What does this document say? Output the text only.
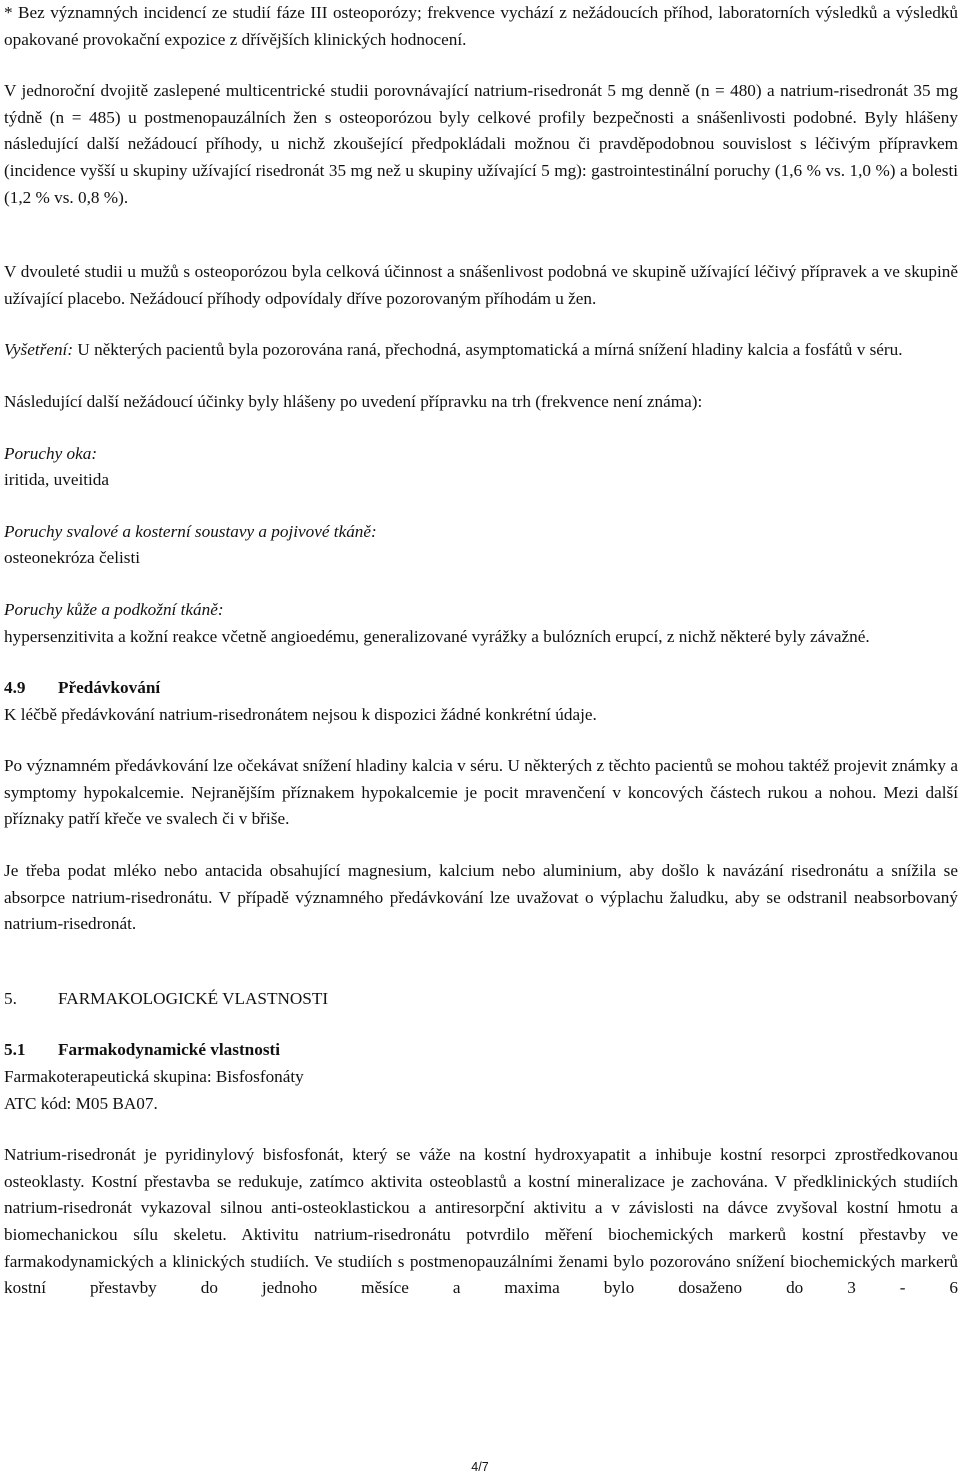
* Bez významných incidencí ze studií fáze III osteoporózy; frekvence vychází z nežádoucích příhod, laboratorních výsledků a výsledků opakované provokační expozice z dřívějších klinických hodnocení.

V jednoroční dvojitě zaslepené multicentrické studii porovnávající natrium-risedronát 5 mg denně (n = 480) a natrium-risedronát 35 mg týdně (n = 485) u postmenopauzálních žen s osteoporózou byly celkové profily bezpečnosti a snášenlivosti podobné. Byly hlášeny následující další nežádoucí příhody, u nichž zkoušející předpokládali možnou či pravděpodobnou souvislost s léčivým přípravkem (incidence vyšší u skupiny užívající risedronát 35 mg než u skupiny užívající 5 mg): gastrointestinální poruchy (1,6 % vs. 1,0 %) a bolesti (1,2 % vs. 0,8 %).

V dvouleté studii u mužů s osteoporózou byla celková účinnost a snášenlivost podobná ve skupině užívající léčivý přípravek a ve skupině užívající placebo. Nežádoucí příhody odpovídaly dříve pozorovaným příhodám u žen.

Vyšetření: U některých pacientů byla pozorována raná, přechodná, asymptomatická a mírná snížení hladiny kalcia a fosfátů v séru.

Následující další nežádoucí účinky byly hlášeny po uvedení přípravku na trh (frekvence není známa):

Poruchy oka:

iritida, uveitida

Poruchy svalové a kosterní soustavy a pojivové tkáně:

osteonekróza čelisti

Poruchy kůže a podkožní tkáně:

hypersenzitivita a kožní reakce včetně angioedému, generalizované vyrážky a bulózních erupcí, z nichž některé byly závažné.

4.9 Předávkování

K léčbě předávkování natrium-risedronátem nejsou k dispozici žádné konkrétní údaje.

Po významném předávkování lze očekávat snížení hladiny kalcia v séru. U některých z těchto pacientů se mohou taktéž projevit známky a symptomy hypokalcemie. Nejranějším příznakem hypokalcemie je pocit mravenčení v koncových částech rukou a nohou. Mezi další příznaky patří křeče ve svalech či v břiše.

Je třeba podat mléko nebo antacida obsahující magnesium, kalcium nebo aluminium, aby došlo k navázání risedronátu a snížila se absorpce natrium-risedronátu. V případě významného předávkování lze uvažovat o výplachu žaludku, aby se odstranil neabsorbovaný natrium-risedronát.

5. FARMAKOLOGICKÉ VLASTNOSTI

5.1 Farmakodynamické vlastnosti

Farmakoterapeutická skupina: Bisfosfonáty

ATC kód: M05 BA07.

Natrium-risedronát je pyridinylový bisfosfonát, který se váže na kostní hydroxyapatit a inhibuje kostní resorpci zprostředkovanou osteoklasty. Kostní přestavba se redukuje, zatímco aktivita osteoblastů a kostní mineralizace je zachována. V předklinických studiích natrium-risedronát vykazoval silnou anti-osteoklastickou a antiresorpční aktivitu a v závislosti na dávce zvyšoval kostní hmotu a biomechanickou sílu skeletu. Aktivitu natrium-risedronátu potvrdilo měření biochemických markerů kostní přestavby ve farmakodynamických a klinických studiích. Ve studiích s postmenopauzálními ženami bylo pozorováno snížení biochemických markerů kostní přestavby do jednoho měsíce a maxima bylo dosaženo do 3 - 6

4/7
